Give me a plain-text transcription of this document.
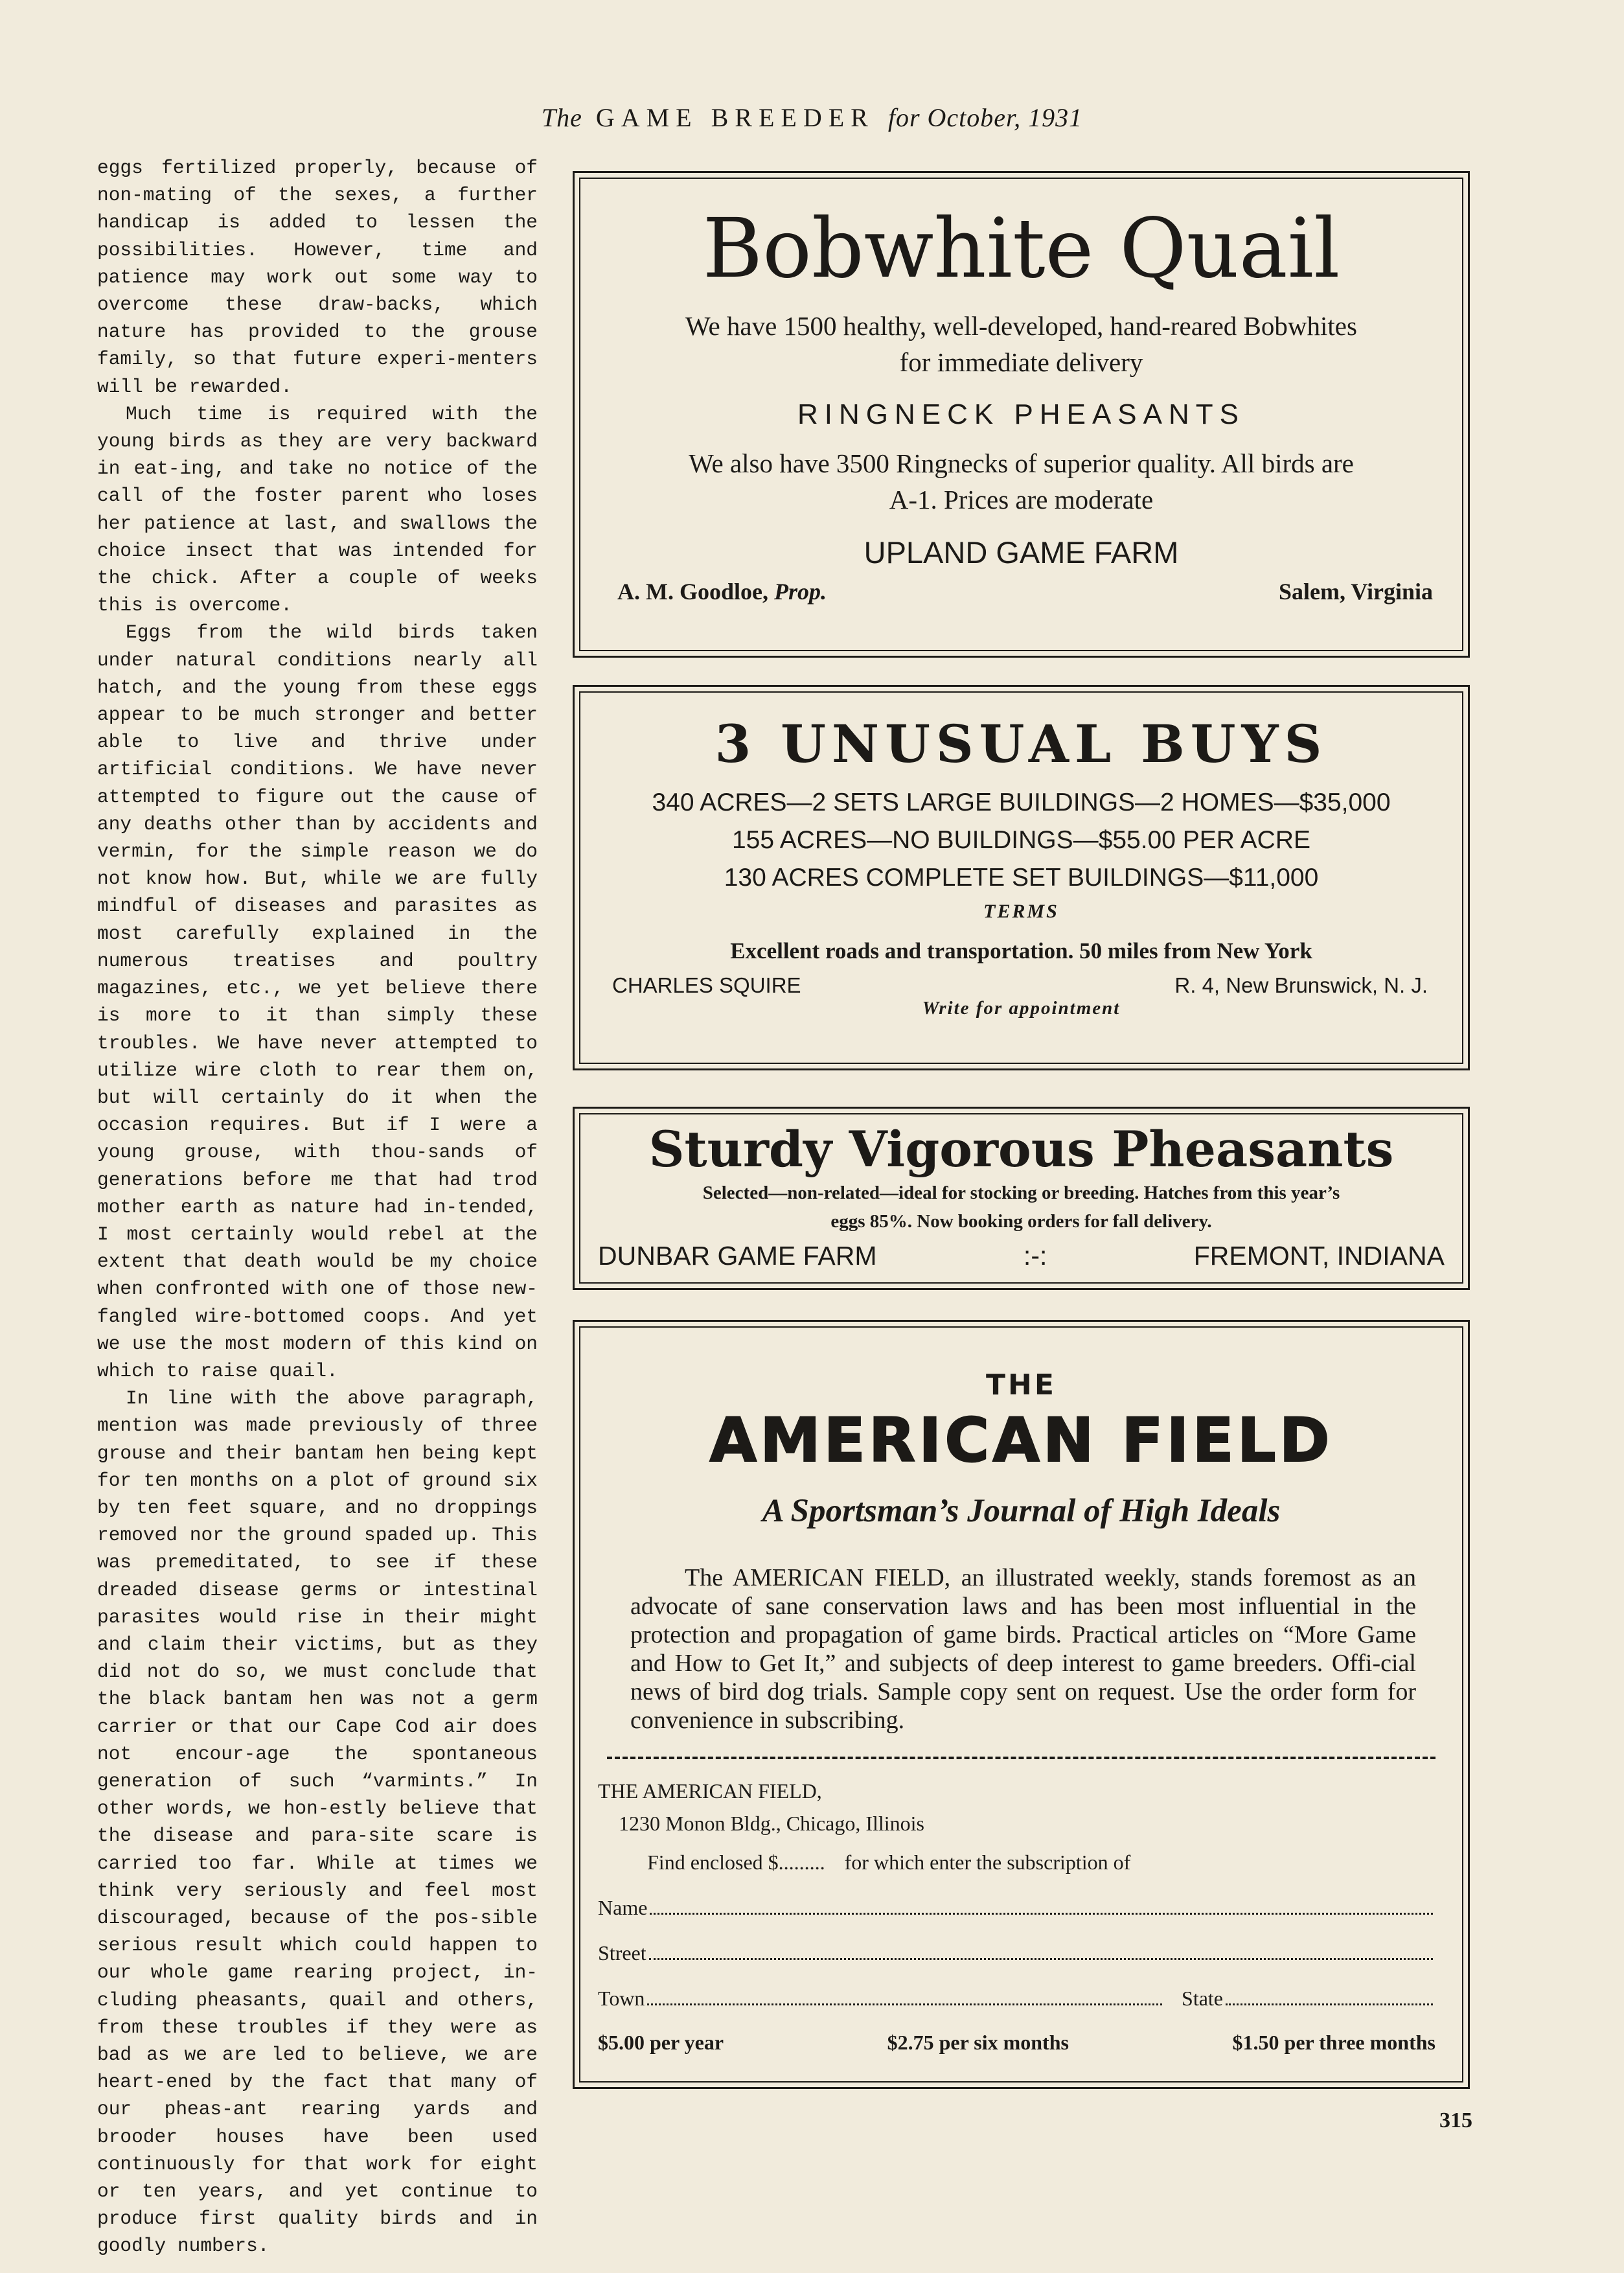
The GAME BREEDER for October, 1931

eggs fertilized properly, because of non-mating of the sexes, a further handicap is added to lessen the possibilities. However, time and patience may work out some way to overcome these draw-backs, which nature has provided to the grouse family, so that future experi-menters will be rewarded.

Much time is required with the young birds as they are very backward in eat-ing, and take no notice of the call of the foster parent who loses her patience at last, and swallows the choice insect that was intended for the chick. After a couple of weeks this is overcome.

Eggs from the wild birds taken under natural conditions nearly all hatch, and the young from these eggs appear to be much stronger and better able to live and thrive under artificial conditions. We have never attempted to figure out the cause of any deaths other than by accidents and vermin, for the simple reason we do not know how. But, while we are fully mindful of diseases and parasites as most carefully explained in the numerous treatises and poultry magazines, etc., we yet believe there is more to it than simply these troubles. We have never attempted to utilize wire cloth to rear them on, but will certainly do it when the occasion requires. But if I were a young grouse, with thou-sands of generations before me that had trod mother earth as nature had in-tended, I most certainly would rebel at the extent that death would be my choice when confronted with one of those new-fangled wire-bottomed coops. And yet we use the most modern of this kind on which to raise quail.

In line with the above paragraph, mention was made previously of three grouse and their bantam hen being kept for ten months on a plot of ground six by ten feet square, and no droppings removed nor the ground spaded up. This was premeditated, to see if these dreaded disease germs or intestinal parasites would rise in their might and claim their victims, but as they did not do so, we must conclude that the black bantam hen was not a germ carrier or that our Cape Cod air does not encour-age the spontaneous generation of such “varmints.” In other words, we hon-estly believe that the disease and para-site scare is carried too far. While at times we think very seriously and feel most discouraged, because of the pos-sible serious result which could happen to our whole game rearing project, in-cluding pheasants, quail and others, from these troubles if they were as bad as we are led to believe, we are heart-ened by the fact that many of our pheas-ant rearing yards and brooder houses have been used continuously for that work for eight or ten years, and yet continue to produce first quality birds and in goodly numbers.

Bobwhite Quail
We have 1500 healthy, well-developed, hand-reared Bobwhites
for immediate delivery
RINGNECK PHEASANTS
We also have 3500 Ringnecks of superior quality. All birds are
A-1. Prices are moderate
UPLAND GAME FARM
A. M. Goodloe, Prop.	Salem, Virginia
3 UNUSUAL BUYS
340 ACRES—2 SETS LARGE BUILDINGS—2 HOMES—$35,000
155 ACRES—NO BUILDINGS—$55.00 PER ACRE
130 ACRES COMPLETE SET BUILDINGS—$11,000
TERMS
Excellent roads and transportation. 50 miles from New York
CHARLES SQUIRE	R. 4, New Brunswick, N. J.
Write for appointment
Sturdy Vigorous Pheasants
Selected—non-related—ideal for stocking or breeding. Hatches from this year’s
eggs 85%. Now booking orders for fall delivery.
DUNBAR GAME FARM	:-:	FREMONT, INDIANA
THE
AMERICAN FIELD
A Sportsman’s Journal of High Ideals
The AMERICAN FIELD, an illustrated weekly, stands foremost as an advocate of sane conservation laws and has been most influential in the protection and propagation of game birds. Practical articles on “More Game and How to Get It,” and subjects of deep interest to game breeders. Offi-cial news of bird dog trials. Sample copy sent on request. Use the order form for convenience in subscribing.
THE AMERICAN FIELD,
1230 Monon Bldg., Chicago, Illinois
Find enclosed $......... for which enter the subscription of
Name
Street
Town	State
$5.00 per year	$2.75 per six months	$1.50 per three months
315
